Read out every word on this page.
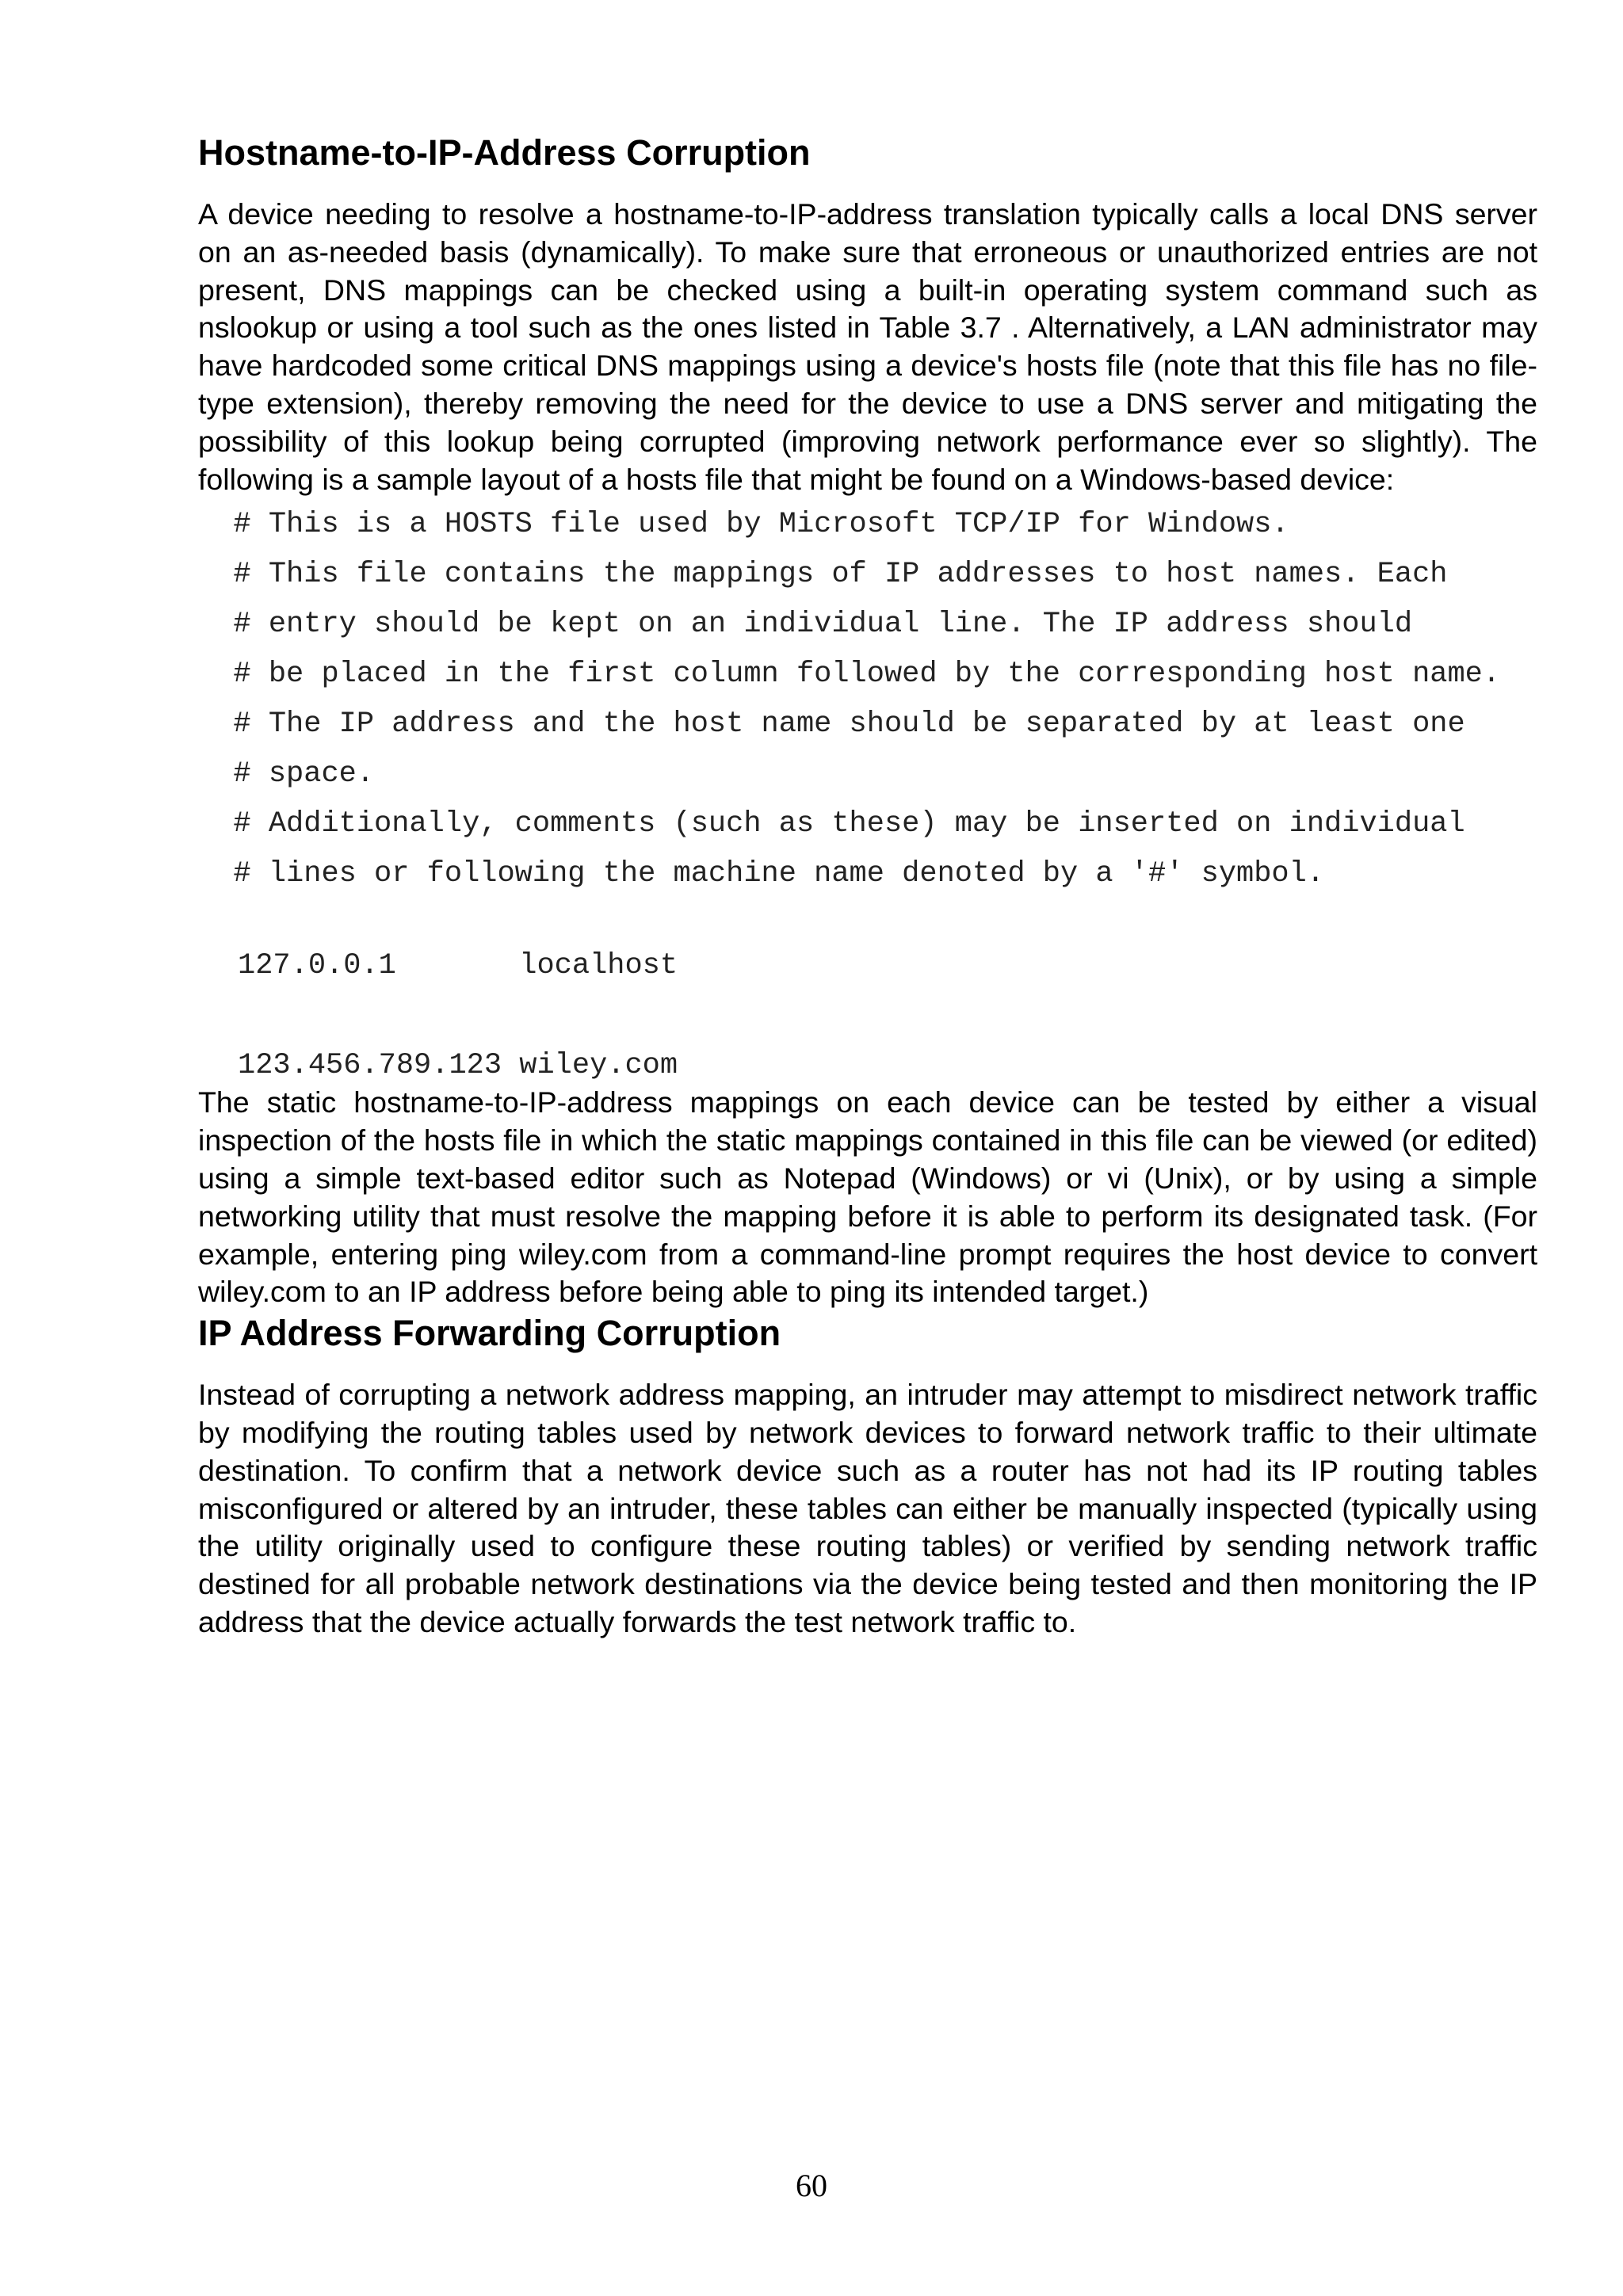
Hostname-to-IP-Address Corruption

A device needing to resolve a hostname-to-IP-address translation typically calls a local DNS server on an as-needed basis (dynamically). To make sure that erroneous or unauthorized entries are not present, DNS mappings can be checked using a built-in operating system command such as nslookup or using a tool such as the ones listed in Table 3.7 . Alternatively, a LAN administrator may have hardcoded some critical DNS mappings using a device's hosts file (note that this file has no file-type extension), thereby removing the need for the device to use a DNS server and mitigating the possibility of this lookup being corrupted (improving network performance ever so slightly). The following is a sample layout of a hosts file that might be found on a Windows-based device:

# This is a HOSTS file used by Microsoft TCP/IP for Windows.
# This file contains the mappings of IP addresses to host names. Each
# entry should be kept on an individual line. The IP address should
# be placed in the first column followed by the corresponding host name.
# The IP address and the host name should be separated by at least one
# space.
# Additionally, comments (such as these) may be inserted on individual
# lines or following the machine name denoted by a '#' symbol.
127.0.0.1       localhost
123.456.789.123 wiley.com

The static hostname-to-IP-address mappings on each device can be tested by either a visual inspection of the hosts file in which the static mappings contained in this file can be viewed (or edited) using a simple text-based editor such as Notepad (Windows) or vi (Unix), or by using a simple networking utility that must resolve the mapping before it is able to perform its designated task. (For example, entering ping wiley.com from a command-line prompt requires the host device to convert wiley.com to an IP address before being able to ping its intended target.)

IP Address Forwarding Corruption

Instead of corrupting a network address mapping, an intruder may attempt to misdirect network traffic by modifying the routing tables used by network devices to forward network traffic to their ultimate destination. To confirm that a network device such as a router has not had its IP routing tables misconfigured or altered by an intruder, these tables can either be manually inspected (typically using the utility originally used to configure these routing tables) or verified by sending network traffic destined for all probable network destinations via the device being tested and then monitoring the IP address that the device actually forwards the test network traffic to.

60
